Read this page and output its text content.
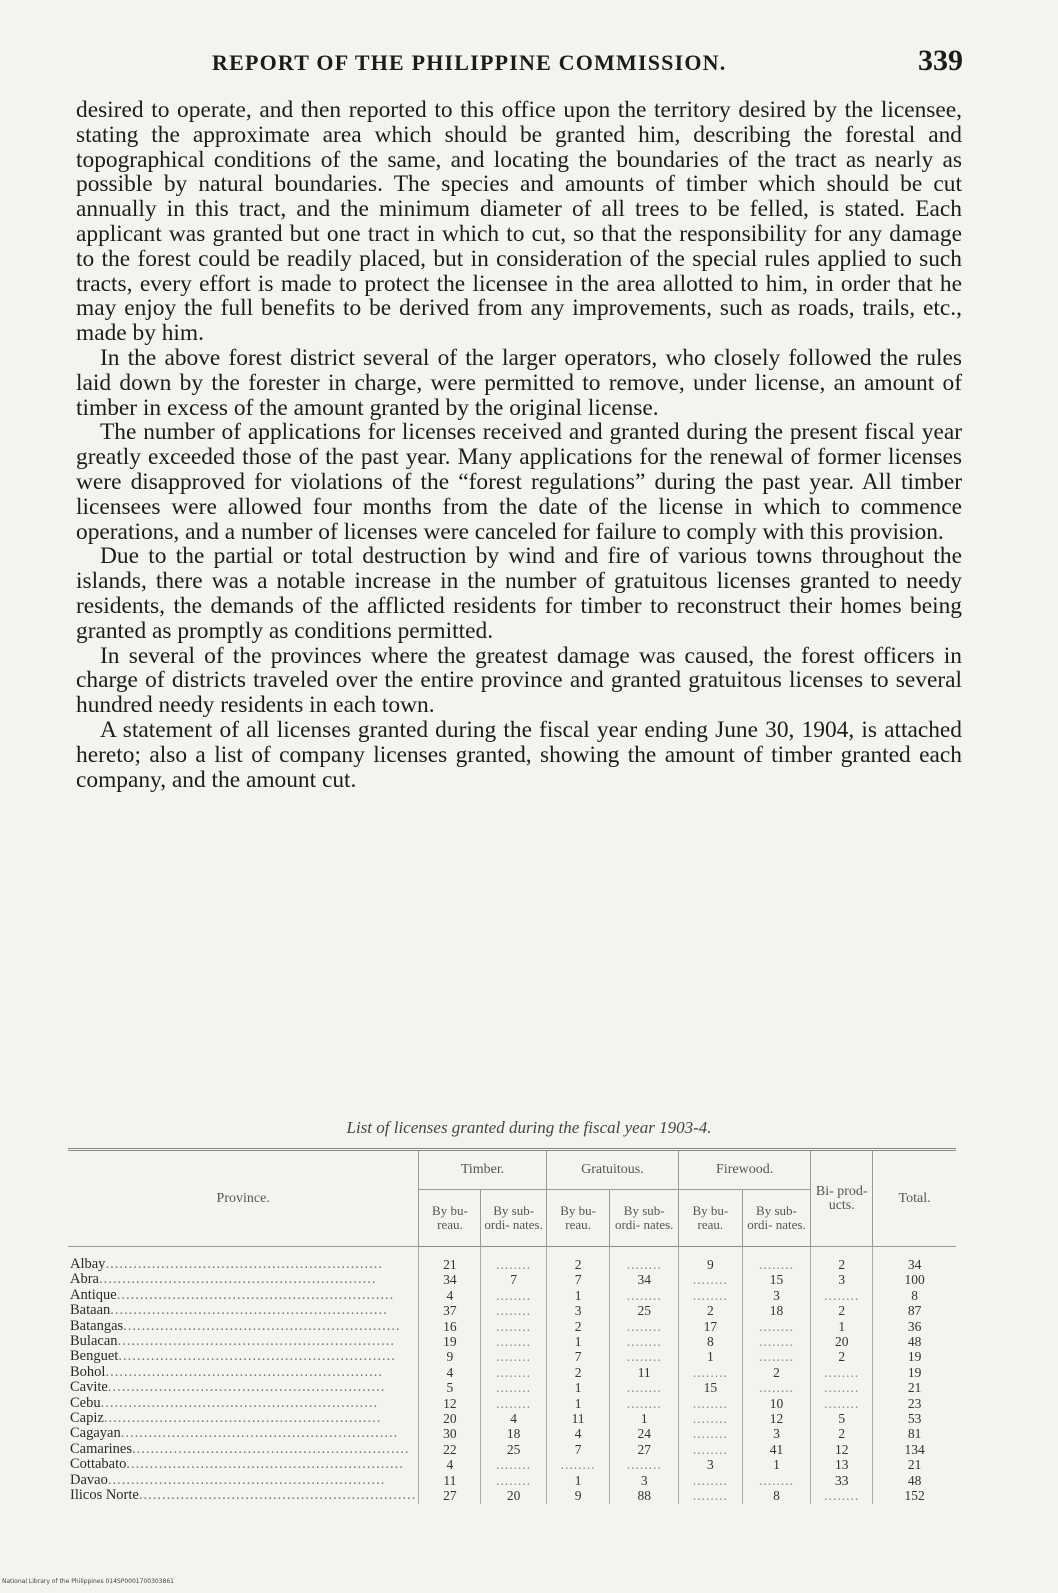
REPORT OF THE PHILIPPINE COMMISSION.	339

desired to operate, and then reported to this office upon the territory desired by the licensee, stating the approximate area which should be granted him, describing the forestal and topographical conditions of the same, and locating the boundaries of the tract as nearly as possible by natural boundaries. The species and amounts of timber which should be cut annually in this tract, and the minimum diameter of all trees to be felled, is stated. Each applicant was granted but one tract in which to cut, so that the responsibility for any damage to the forest could be readily placed, but in consideration of the special rules applied to such tracts, every effort is made to protect the licensee in the area allotted to him, in order that he may enjoy the full benefits to be derived from any improvements, such as roads, trails, etc., made by him.

In the above forest district several of the larger operators, who closely followed the rules laid down by the forester in charge, were permitted to remove, under license, an amount of timber in excess of the amount granted by the original license.

The number of applications for licenses received and granted during the present fiscal year greatly exceeded those of the past year. Many applications for the renewal of former licenses were disapproved for violations of the “forest regulations” during the past year. All timber licensees were allowed four months from the date of the license in which to commence operations, and a number of licenses were canceled for failure to comply with this provision.

Due to the partial or total destruction by wind and fire of various towns throughout the islands, there was a notable increase in the number of gratuitous licenses granted to needy residents, the demands of the afflicted residents for timber to reconstruct their homes being granted as promptly as conditions permitted.

In several of the provinces where the greatest damage was caused, the forest officers in charge of districts traveled over the entire province and granted gratuitous licenses to several hundred needy residents in each town.

A statement of all licenses granted during the fiscal year ending June 30, 1904, is attached hereto; also a list of company licenses granted, showing the amount of timber granted each company, and the amount cut.

List of licenses granted during the fiscal year 1903-4.
Province.	Timber.		Gratuitous.		Firewood.		Bi- prod- ucts.	Total.
	By bu- reau.	By sub- ordi- nates.	By bu- reau.	By sub- ordi- nates.	By bu- reau.	By sub- ordi- nates.		
Albay............................................................	21	........	2	........	9	........	2	34
Abra............................................................	34	7	7	34	........	15	3	100
Antique............................................................	4	........	1	........	........	3	........	8
Bataan............................................................	37	........	3	25	2	18	2	87
Batangas............................................................	16	........	2	........	17	........	1	36
Bulacan............................................................	19	........	1	........	8	........	20	48
Benguet............................................................	9	........	7	........	1	........	2	19
Bohol............................................................	4	........	2	11	........	2	........	19
Cavite............................................................	5	........	1	........	15	........	........	21
Cebu............................................................	12	........	1	........	........	10	........	23
Capiz............................................................	20	4	11	1	........	12	5	53
Cagayan............................................................	30	18	4	24	........	3	2	81
Camarines............................................................	22	25	7	27	........	41	12	134
Cottabato............................................................	4	........	........	........	3	1	13	21
Davao............................................................	11	........	1	3	........	........	33	48
Ilicos Norte............................................................	27	20	9	88	........	8	........	152
National Library of the Philippines 014SP0001700303861
